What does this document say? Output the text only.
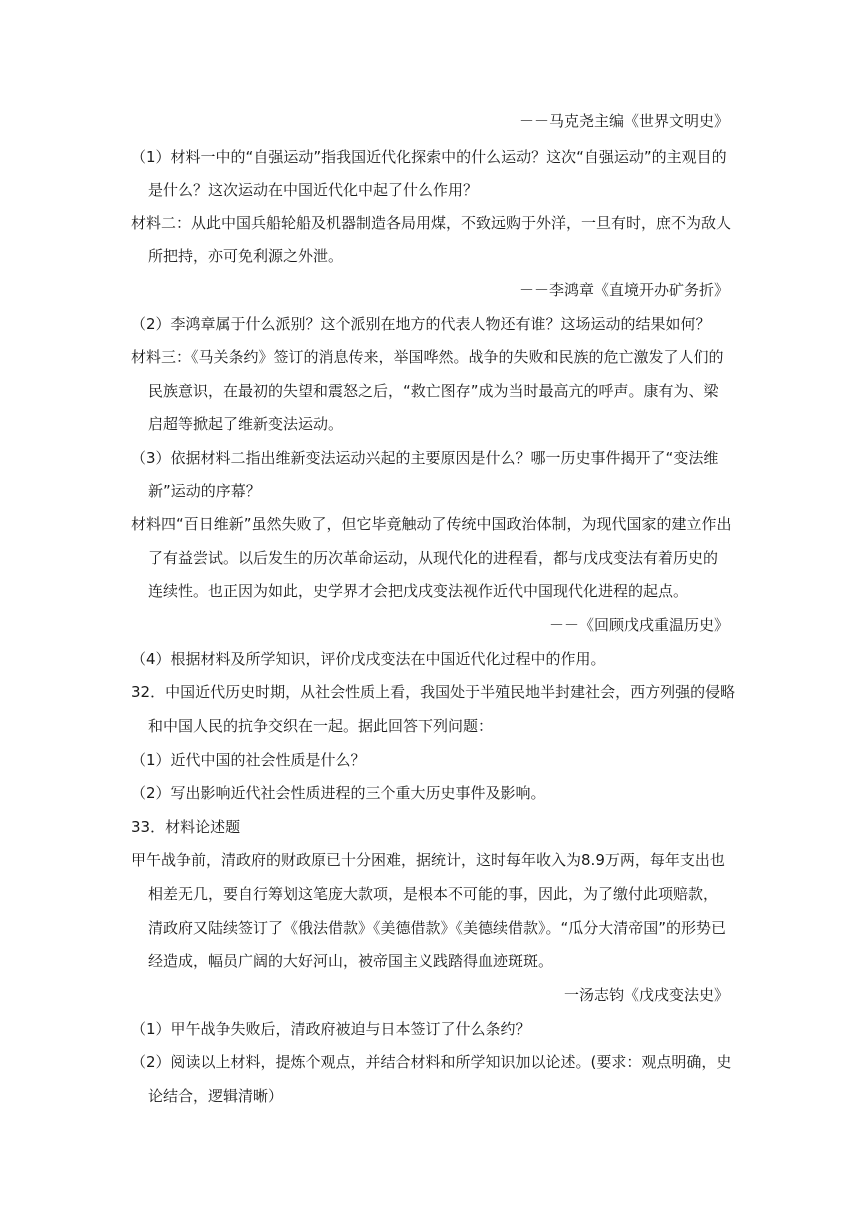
－－马克尧主编《世界文明史》
（1）材料一中的“自强运动”指我国近代化探索中的什么运动？这次“自强运动”的主观目的
是什么？这次运动在中国近代化中起了什么作用？
材料二：从此中国兵船轮船及机器制造各局用煤，不致远购于外洋，一旦有时，庶不为敌人
所把持，亦可免利源之外泄。
－－李鸿章《直境开办矿务折》
（2）李鸿章属于什么派别？这个派别在地方的代表人物还有谁？这场运动的结果如何？
材料三：《马关条约》签订的消息传来，举国哗然。战争的失败和民族的危亡激发了人们的
民族意识，在最初的失望和震怒之后，“救亡图存”成为当时最高亢的呼声。康有为、梁
启超等掀起了维新变法运动。
（3）依据材料二指出维新变法运动兴起的主要原因是什么？哪一历史事件揭开了“变法维
新”运动的序幕？
材料四“百日维新”虽然失败了，但它毕竟触动了传统中国政治体制，为现代国家的建立作出
了有益尝试。以后发生的历次革命运动，从现代化的进程看，都与戊戌变法有着历史的
连续性。也正因为如此，史学界才会把戊戌变法视作近代中国现代化进程的起点。
－－《回顾戊戌重温历史》
（4）根据材料及所学知识，评价戊戌变法在中国近代化过程中的作用。
32．中国近代历史时期，从社会性质上看，我国处于半殖民地半封建社会，西方列强的侵略
和中国人民的抗争交织在一起。据此回答下列问题：
（1）近代中国的社会性质是什么？
（2）写出影响近代社会性质进程的三个重大历史事件及影响。
33．材料论述题
甲午战争前，清政府的财政原已十分困难，据统计，这时每年收入为8.9万两，每年支出也
相差无几，要自行筹划这笔庞大款项，是根本不可能的事，因此，为了缴付此项赔款，
清政府又陆续签订了《俄法借款》《美德借款》《美德续借款》。“瓜分大清帝国”的形势已
经造成，幅员广阔的大好河山，被帝国主义践踏得血迹斑斑。
一汤志钧《戊戌变法史》
（1）甲午战争失败后，清政府被迫与日本签订了什么条约？
（2）阅读以上材料，提炼个观点，并结合材料和所学知识加以论述。(要求：观点明确，史
论结合，逻辑清晰）
